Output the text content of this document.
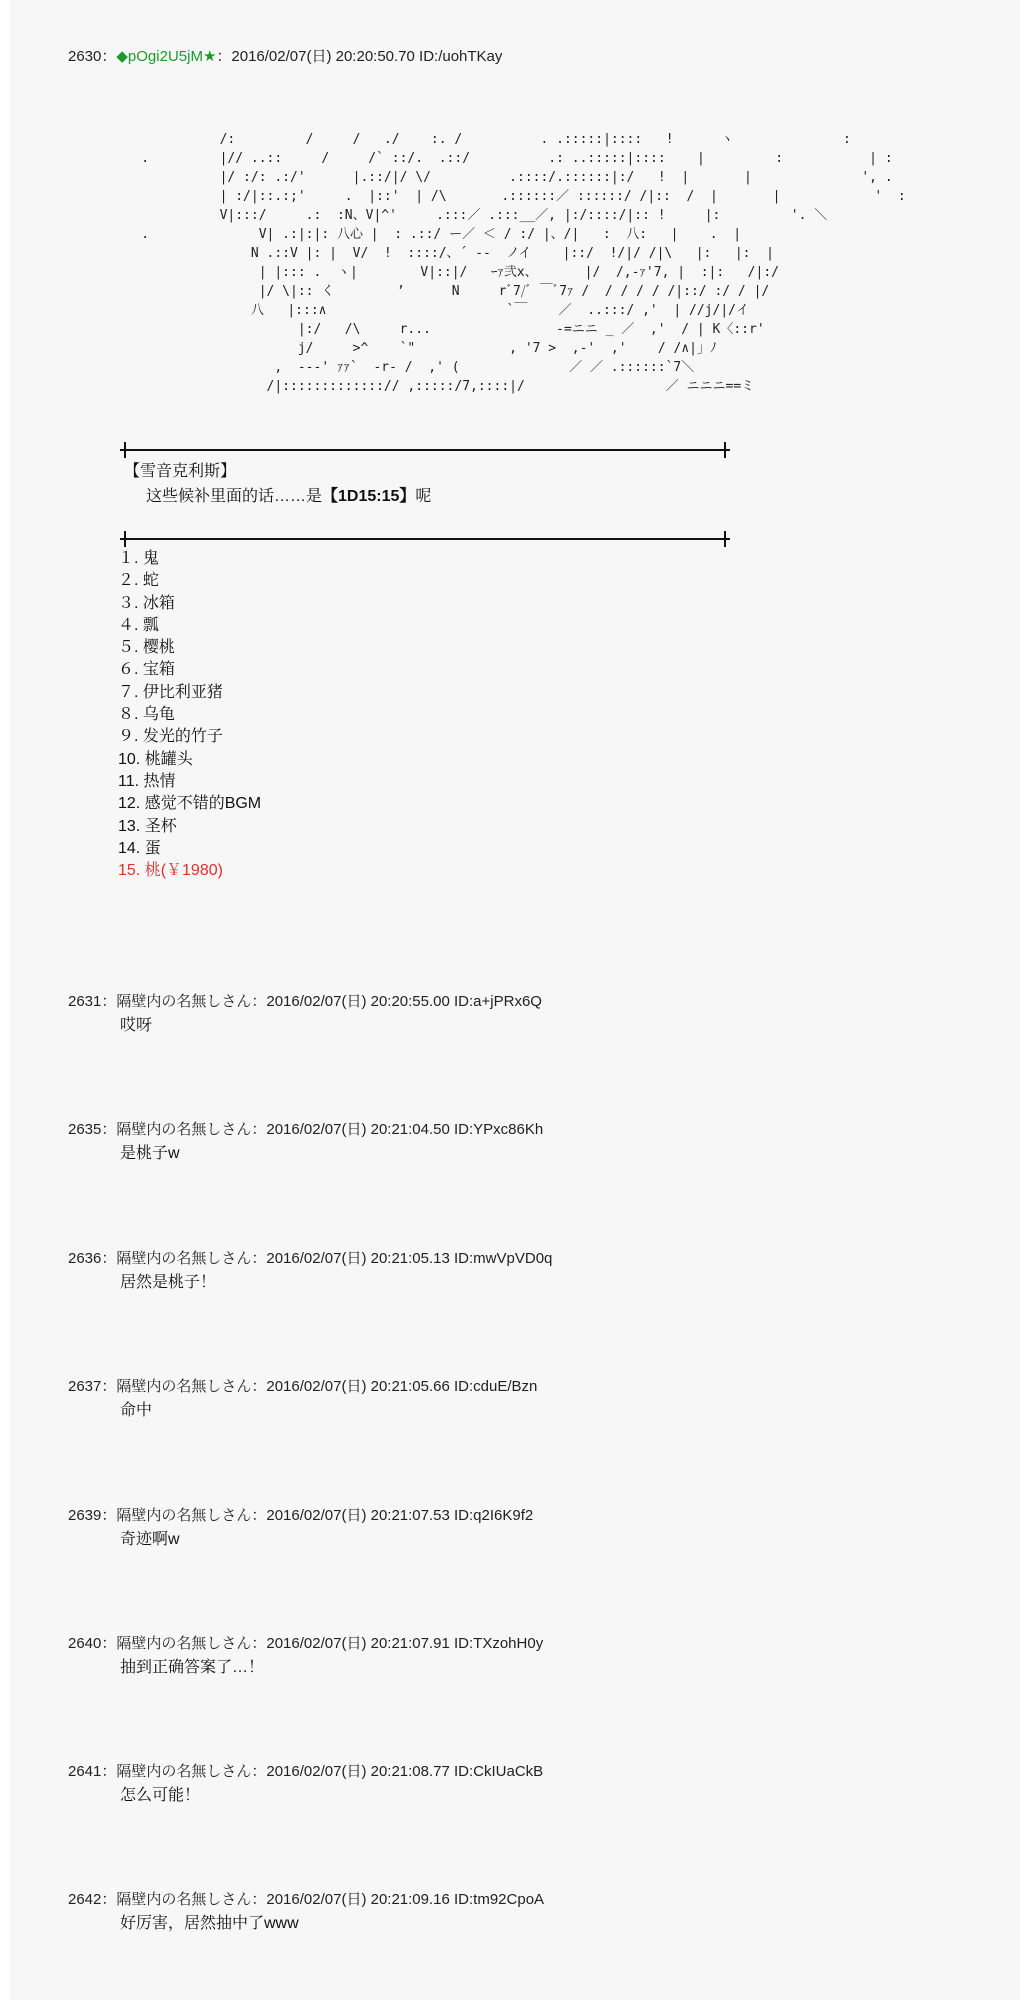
2630：◆pOgi2U5jM★：2016/02/07(日) 20:20:50.70 ID:/uohTKay
/:         /     /   ./    :. /          . .:::::|::::   !      ヽ              :
.         |// ..::     /     /` ::/.  .::/          .: ..:::::|::::    |         :           | :
|/ :/: .:/'      |.::/|/ \/          .::::/.::::::|:/   !  |       |              ', .
| :/|::.:;'     .  |::'  | /\       .::::::／ ::::::/ /|::  /  |       |            '  :
V|:::/     .:  :N、V|^'     .:::／ .:::__／, |:/::::/|:: !     |:         '. ＼
.              V| .:|:|: 八心 |  : .::/ ー／ ＜ / :/ |、/|   :  八:   |    .  |
N .::V |: |  V/  !  ::::/、´ ‐‐  ノイ    |::/  !/|/ /|\   |:   |:  |
| |::: .  ヽ|        V|::|/   ｰｧ弐x、      |/  /,-ｧ'7, |  :|:   /|:/
|/ \|:: く        ’      N     rﾞ7/ﾞ ￣ﾞ7ｧ /  / / / / /|::/ :/ / |/
八   |:::∧                       `￣    ／  ..:::/ ,'  | //j/|/イ
|:/   /\     r...                ‐=ニニ _ ／  ,'  / | K〈::r'
j/     >^    `"            , '7 >  ,‐'  ,'    / /∧|」ﾉ
,  -‐‐' ｧｧ`  ‐r‐ /  ,' (              ／ ／ .::::::`7＼
/|:::::::::::::// ,:::::/7,::::|/                  ／ ニニニ==ミ
【雪音克利斯】
这些候补里面的话……是【1D15:15】呢
１. 鬼
２. 蛇
３. 冰箱
４. 瓢
５. 樱桃
６. 宝箱
７. 伊比利亚猪
８. 乌龟
９. 发光的竹子
10. 桃罐头
11. 热情
12. 感觉不错的BGM
13. 圣杯
14. 蛋
15. 桃(￥1980)
2631：隔壁内の名無しさん：2016/02/07(日) 20:20:55.00 ID:a+jPRx6Q
哎呀
2635：隔壁内の名無しさん：2016/02/07(日) 20:21:04.50 ID:YPxc86Kh
是桃子w
2636：隔壁内の名無しさん：2016/02/07(日) 20:21:05.13 ID:mwVpVD0q
居然是桃子！
2637：隔壁内の名無しさん：2016/02/07(日) 20:21:05.66 ID:cduE/Bzn
命中
2639：隔壁内の名無しさん：2016/02/07(日) 20:21:07.53 ID:q2I6K9f2
奇迹啊w
2640：隔壁内の名無しさん：2016/02/07(日) 20:21:07.91 ID:TXzohH0y
抽到正确答案了…！
2641：隔壁内の名無しさん：2016/02/07(日) 20:21:08.77 ID:CkIUaCkB
怎么可能！
2642：隔壁内の名無しさん：2016/02/07(日) 20:21:09.16 ID:tm92CpoA
好厉害，居然抽中了www
